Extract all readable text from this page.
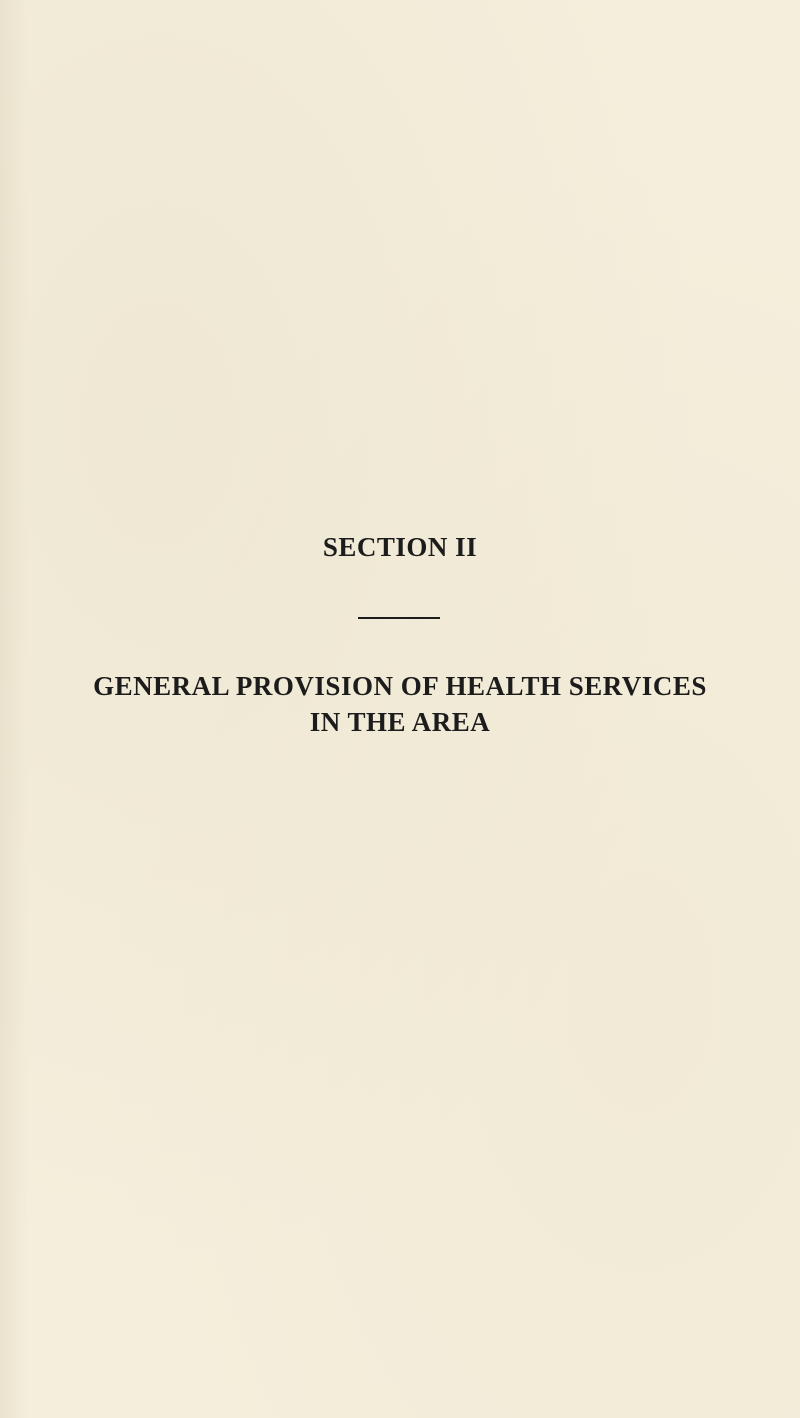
SECTION II
GENERAL PROVISION OF HEALTH SERVICES
IN THE AREA
